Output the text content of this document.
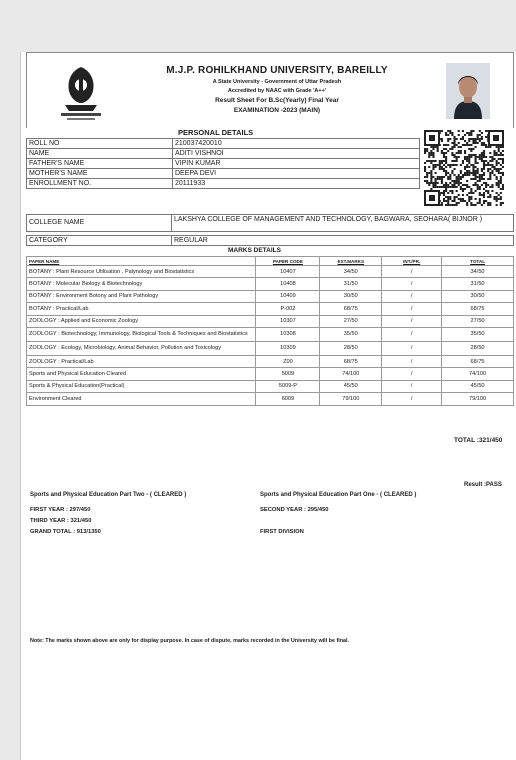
M.J.P. ROHILKHAND UNIVERSITY, BAREILLY
A State University - Government of Uttar Pradesh
Accredited by NAAC with Grade 'A++'
Result Sheet For B.Sc(Yearly) Final Year
EXAMINATION -2023 (MAIN)
PERSONAL DETAILS
ROLL NO	210037420010
NAME	ADITI VISHNOI
FATHER'S NAME	VIPIN KUMAR
MOTHER'S NAME	DEEPA DEVI
ENROLLMENT NO.	20111933
COLLEGE NAME	LAKSHYA COLLEGE OF MANAGEMENT AND TECHNOLOGY, BAGWARA, SEOHARA( BIJNOR )
CATEGORY	REGULAR
MARKS DETAILS
PAPER NAME	PAPER CODE	EXT.MARKS	INT./PR.	TOTAL
BOTANY : Plant Resource Utilisation , Palynology and Biostatistics	10407	34/50	/	34/50
BOTANY : Molecular Biology & Biotechnology	10408	31/50	/	31/50
BOTANY : Environment Botony and Plant Pathology	10409	30/50	/	30/50
BOTANY : Practical/Lab	P-002	68/75	/	68/75
ZOOLOGY : Applied and Economic Zoology	10307	27/50	/	27/50
ZOOLOGY : Biotechnology, Immunology, Biological Tools & Techniques and Biostatistics	10308	35/50	/	35/50
ZOOLOGY : Ecology, Microbiology, Animal Behavior, Pollution and Toxicology	10309	28/50	/	28/50
ZOOLOGY : Practical/Lab	Z00	68/75	/	68/75
Sports and Physical Education Cleared	5009	74/100	/	74/100
Sports & Physical Education(Practical)	5009-P	45/50	/	45/50
Environment Cleared	6009	79/100	/	79/100
TOTAL :321/450
Result :PASS
Sports and Physical Education Part Two - ( CLEARED )	Sports and Physical Education Part One - ( CLEARED )
FIRST YEAR : 297/450	SECOND YEAR : 295/450
THIRD YEAR : 321/450
GRAND TOTAL : 913/1350	FIRST DIVISION
Note: The marks shown above are only for display purpose. In case of dispute, marks recorded in the University will be final.
